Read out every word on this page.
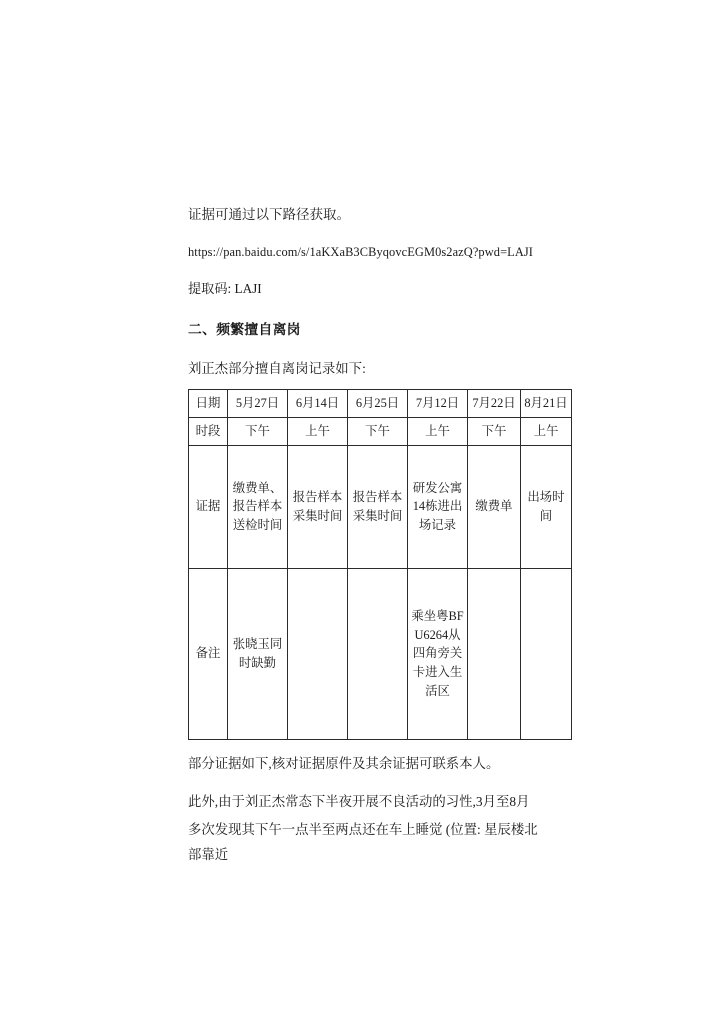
证据可通过以下路径获取。

https://pan.baidu.com/s/1aKXaB3CByqovcEGM0s2azQ?pwd=LAJI

提取码: LAJI

二、频繁擅自离岗

刘正杰部分擅自离岗记录如下:

日期	5月27日	6月14日	6月25日	7月12日	7月22日	8月21日
时段	下午	上午	下午	上午	下午	上午
证据	缴费单、报告样本送检时间	报告样本采集时间	报告样本采集时间	研发公寓14栋进出场记录	缴费单	出场时间
备注	张晓玉同时缺勤			乘坐粤BFU6264从四角旁关卡进入生活区		

部分证据如下,核对证据原件及其余证据可联系本人。

此外,由于刘正杰常态下半夜开展不良活动的习性,3月至8月

多次发现其下午一点半至两点还在车上睡觉 (位置: 星辰楼北部靠近
